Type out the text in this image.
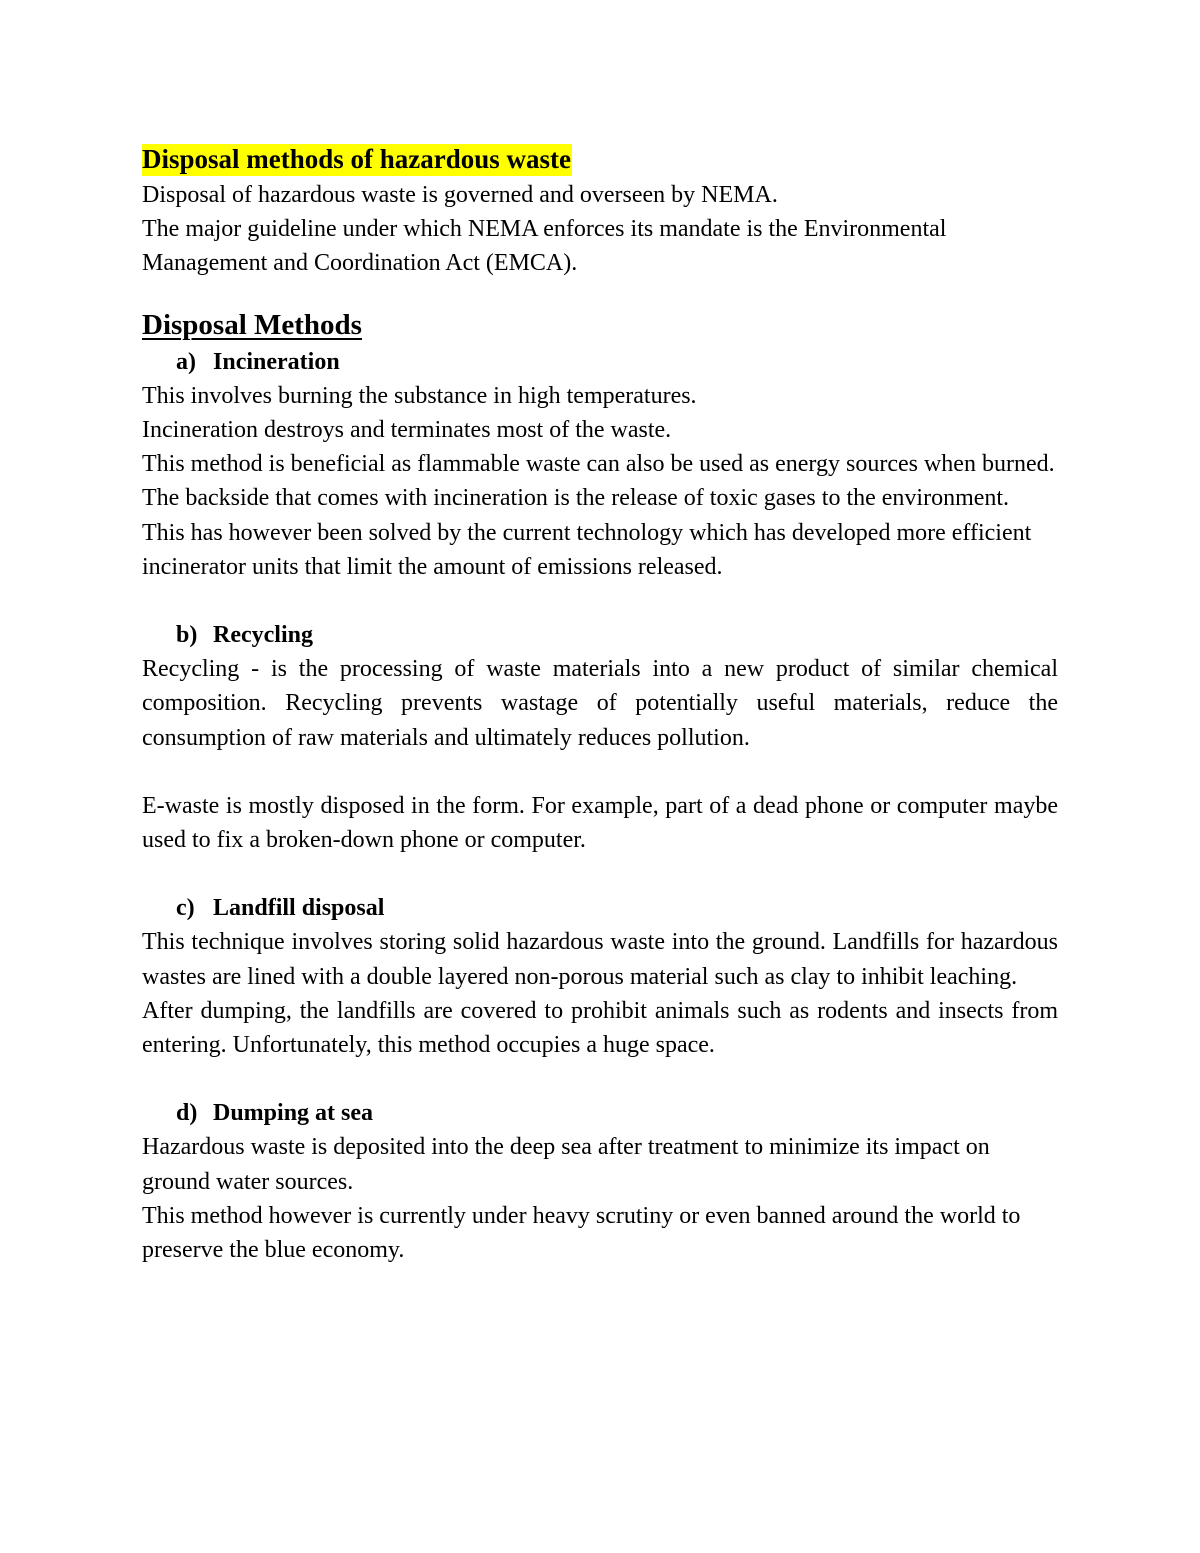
Disposal methods of hazardous waste

Disposal of hazardous waste is governed and overseen by NEMA.

The major guideline under which NEMA enforces its mandate is the Environmental Management and Coordination Act (EMCA).

Disposal Methods

a) Incineration

This involves burning the substance in high temperatures.

Incineration destroys and terminates most of the waste.

This method is beneficial as flammable waste can also be used as energy sources when burned.

The backside that comes with incineration is the release of toxic gases to the environment.

This has however been solved by the current technology which has developed more efficient incinerator units that limit the amount of emissions released.

b) Recycling

Recycling - is the processing of waste materials into a new product of similar chemical composition. Recycling prevents wastage of potentially useful materials, reduce the consumption of raw materials and ultimately reduces pollution.

E-waste is mostly disposed in the form. For example, part of a dead phone or computer maybe used to fix a broken-down phone or computer.

c) Landfill disposal

This technique involves storing solid hazardous waste into the ground. Landfills for hazardous wastes are lined with a double layered non-porous material such as clay to inhibit leaching.

After dumping, the landfills are covered to prohibit animals such as rodents and insects from entering. Unfortunately, this method occupies a huge space.

d) Dumping at sea

Hazardous waste is deposited into the deep sea after treatment to minimize its impact on ground water sources.

This method however is currently under heavy scrutiny or even banned around the world to preserve the blue economy.
